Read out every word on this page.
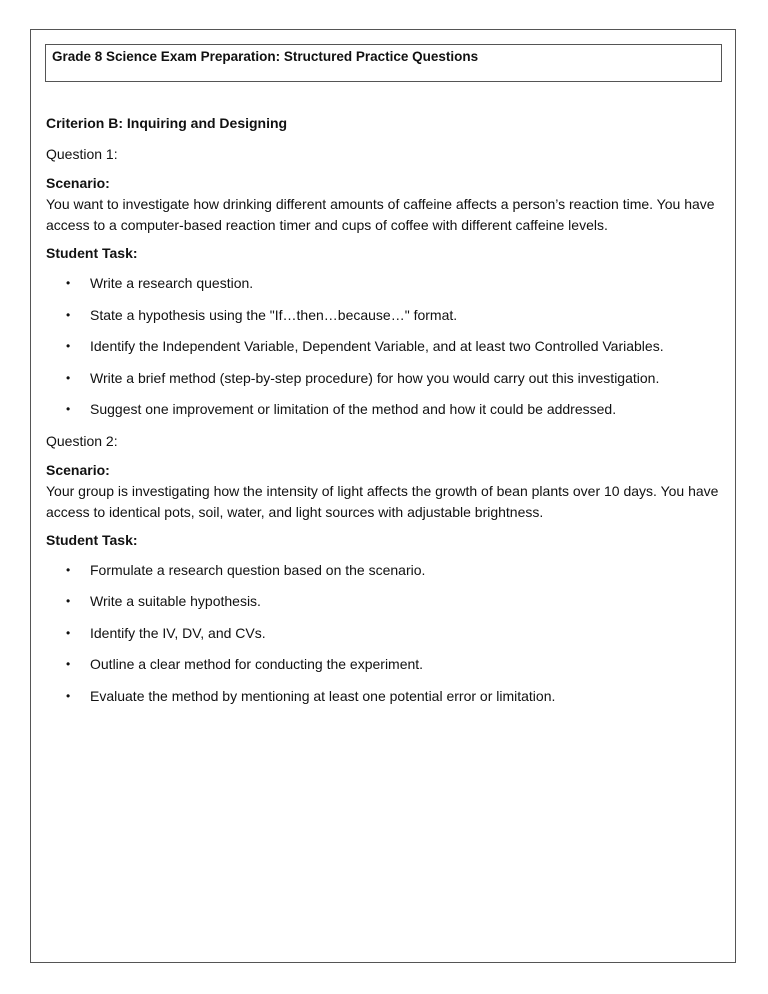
Grade 8 Science Exam Preparation: Structured Practice Questions

Criterion B: Inquiring and Designing

Question 1:

Scenario:

You want to investigate how drinking different amounts of caffeine affects a person’s reaction time. You have access to a computer-based reaction timer and cups of coffee with different caffeine levels.

Student Task:

• Write a research question.
• State a hypothesis using the "If…then…because…" format.
• Identify the Independent Variable, Dependent Variable, and at least two Controlled Variables.
• Write a brief method (step-by-step procedure) for how you would carry out this investigation.
• Suggest one improvement or limitation of the method and how it could be addressed.

Question 2:

Scenario:

Your group is investigating how the intensity of light affects the growth of bean plants over 10 days. You have access to identical pots, soil, water, and light sources with adjustable brightness.

Student Task:

• Formulate a research question based on the scenario.
• Write a suitable hypothesis.
• Identify the IV, DV, and CVs.
• Outline a clear method for conducting the experiment.
• Evaluate the method by mentioning at least one potential error or limitation.
